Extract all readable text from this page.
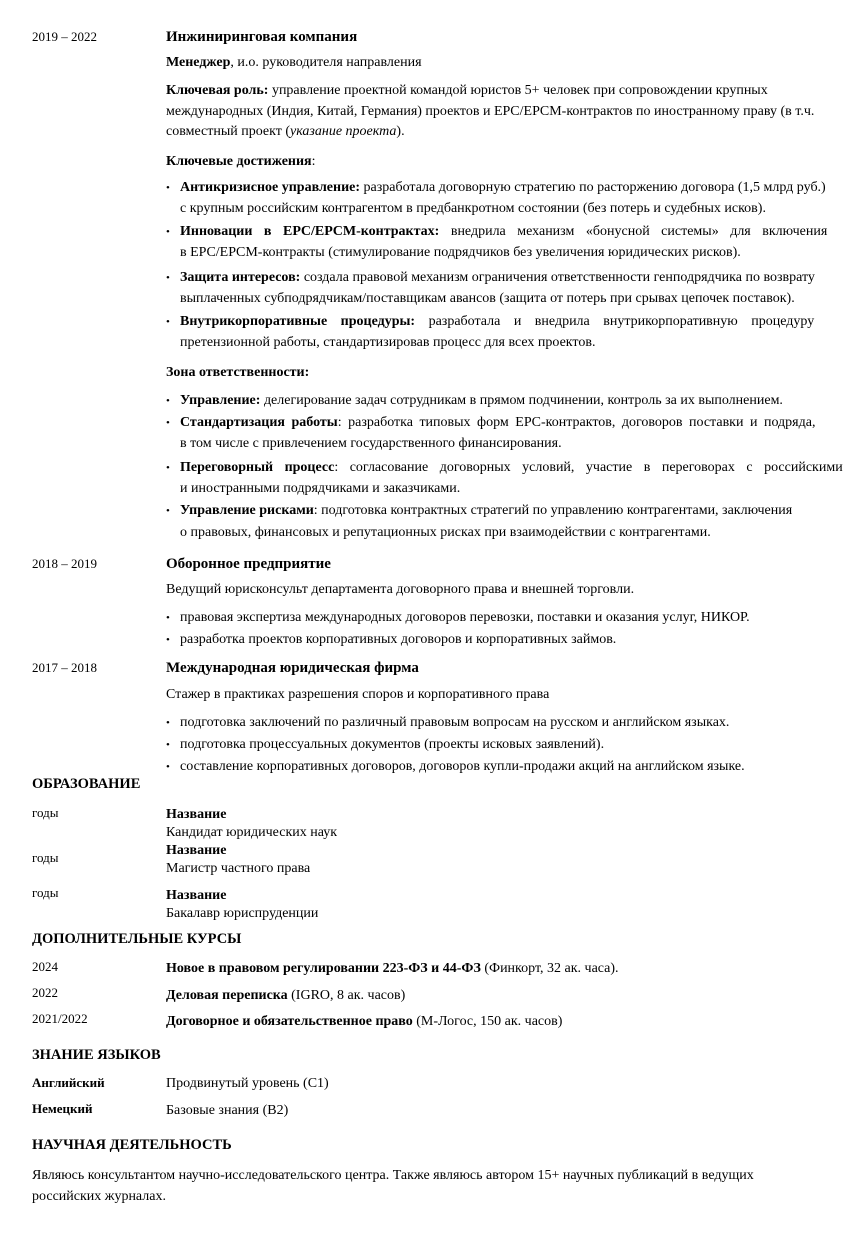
2019 – 2022	Инжиниринговая компания
Менеджер, и.о. руководителя направления
Ключевая роль: управление проектной командой юристов 5+ человек при сопровождении крупных
международных (Индия, Китай, Германия) проектов и EPC/EPCM-контрактов по иностранному праву (в т.ч.
совместный проект (указание проекта).
Ключевые достижения:
• Антикризисное управление: разработала договорную стратегию по расторжению договора (1,5 млрд руб.)
с крупным российским контрагентом в предбанкротном состоянии (без потерь и судебных исков).
• Инновации в EPC/EPCM-контрактах: внедрила механизм «бонусной системы» для включения
в EPC/EPCM-контракты (стимулирование подрядчиков без увеличения юридических рисков).
• Защита интересов: создала правовой механизм ограничения ответственности генподрядчика по возврату
выплаченных субподрядчикам/поставщикам авансов (защита от потерь при срывах цепочек поставок).
• Внутрикорпоративные процедуры: разработала и внедрила внутрикорпоративную процедуру
претензионной работы, стандартизировав процесс для всех проектов.
Зона ответственности:
• Управление: делегирование задач сотрудникам в прямом подчинении, контроль за их выполнением.
• Стандартизация работы: разработка типовых форм EPC-контрактов, договоров поставки и подряда,
в том числе с привлечением государственного финансирования.
• Переговорный процесс: согласование договорных условий, участие в переговорах с российскими
и иностранными подрядчиками и заказчиками.
• Управление рисками: подготовка контрактных стратегий по управлению контрагентами, заключения
о правовых, финансовых и репутационных рисках при взаимодействии с контрагентами.
2018 – 2019	Оборонное предприятие
Ведущий юрисконсульт департамента договорного права и внешней торговли.
• правовая экспертиза международных договоров перевозки, поставки и оказания услуг, НИКОР.
• разработка проектов корпоративных договоров и корпоративных займов.
2017 – 2018	Международная юридическая фирма
Стажер в практиках разрешения споров и корпоративного права
• подготовка заключений по различный правовым вопросам на русском и английском языках.
• подготовка процессуальных документов (проекты исковых заявлений).
• составление корпоративных договоров, договоров купли-продажи акций на английском языке.
ОБРАЗОВАНИЕ
годы	Название
Кандидат юридических наук
годы	Название
Магистр частного права
годы	Название
Бакалавр юриспруденции
ДОПОЛНИТЕЛЬНЫЕ КУРСЫ
2024	Новое в правовом регулировании 223-ФЗ и 44-ФЗ (Финкорт, 32 ак. часа).
2022	Деловая переписка (IGRO, 8 ак. часов)
2021/2022	Договорное и обязательственное право (М-Логос, 150 ак. часов)
ЗНАНИЕ ЯЗЫКОВ
Английский	Продвинутый уровень (С1)
Немецкий	Базовые знания (В2)
НАУЧНАЯ ДЕЯТЕЛЬНОСТЬ
Являюсь консультантом научно-исследовательского центра. Также являюсь автором 15+ научных публикаций в ведущих
российских журналах.
